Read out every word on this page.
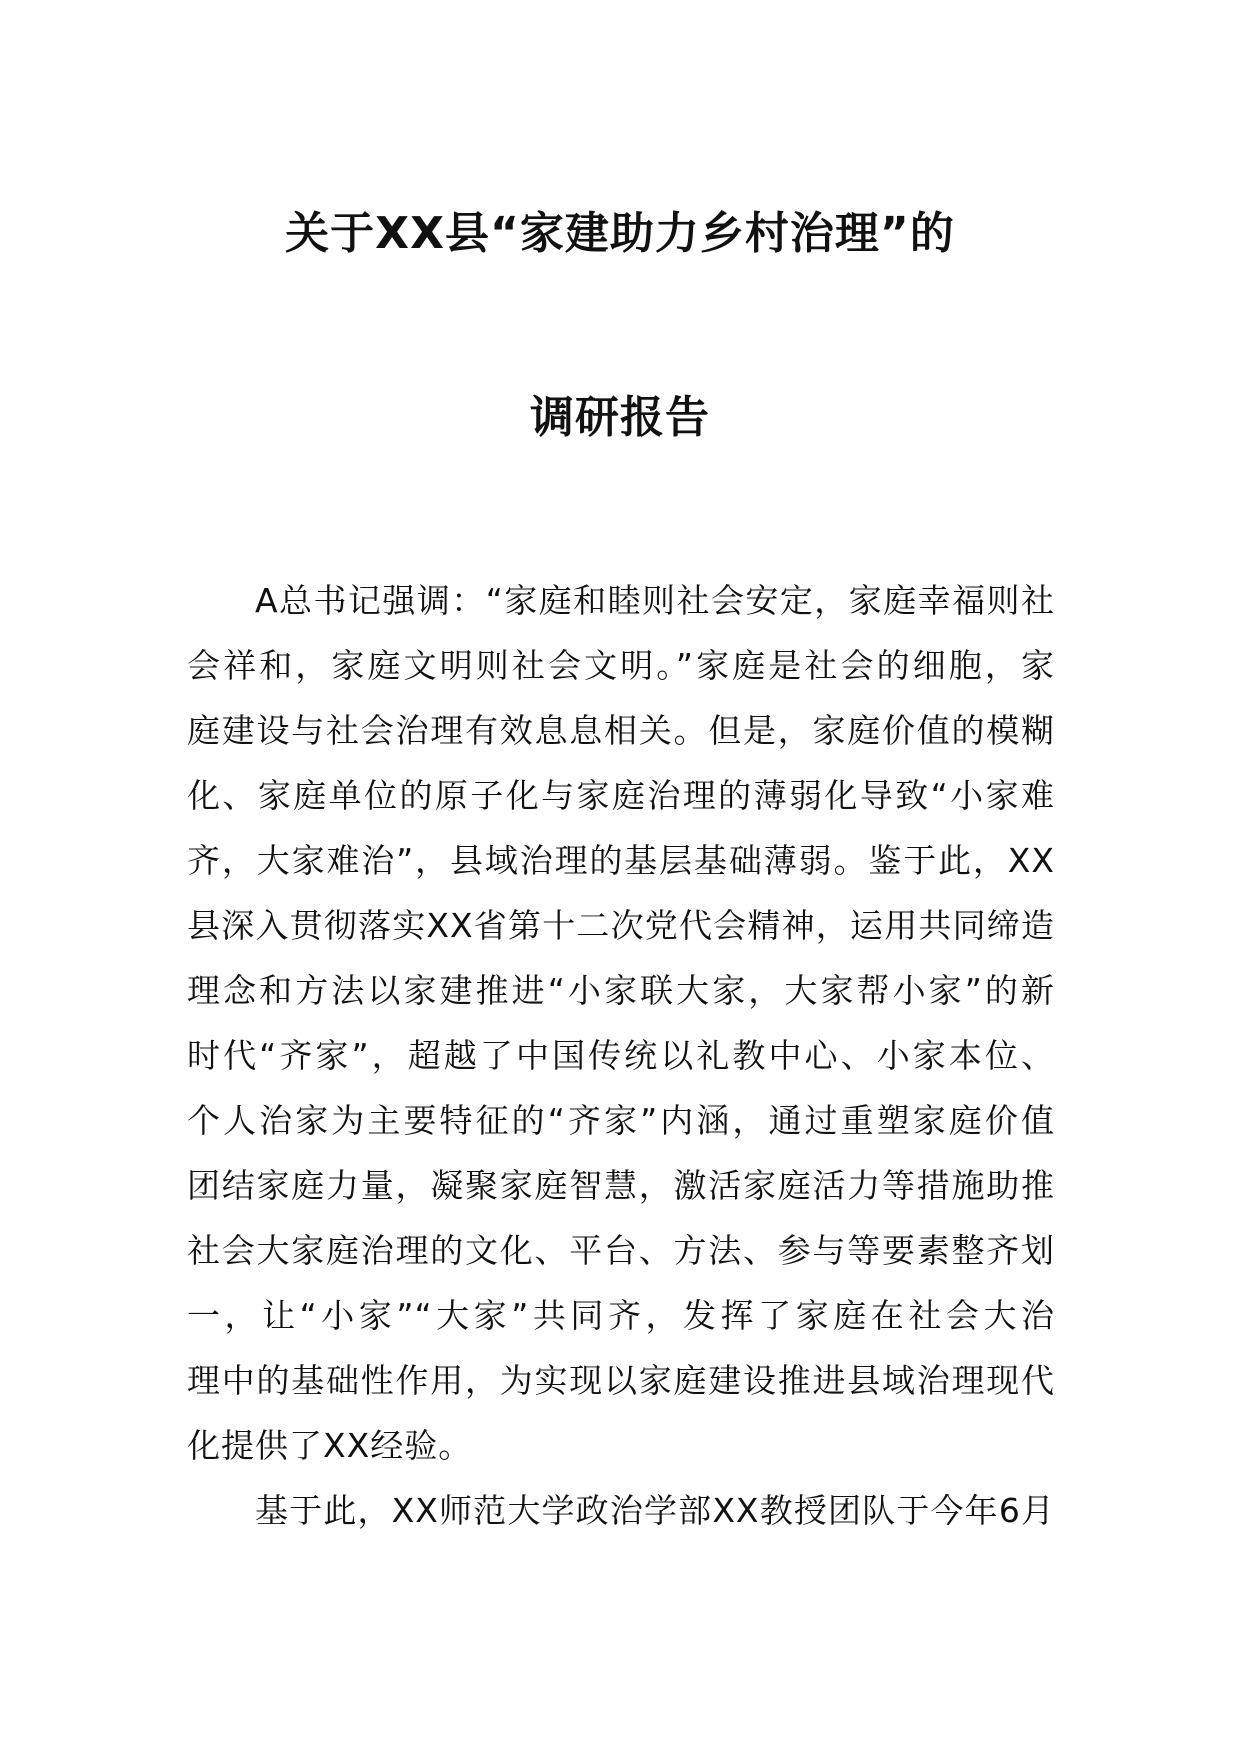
关于XX县“家建助力乡村治理”的
调研报告
A总书记强调：“家庭和睦则社会安定，家庭幸福则社
会祥和，家庭文明则社会文明。”家庭是社会的细胞，家
庭建设与社会治理有效息息相关。但是，家庭价值的模糊
化、家庭单位的原子化与家庭治理的薄弱化导致“小家难
齐，大家难治”，县域治理的基层基础薄弱。鉴于此，XX
县深入贯彻落实XX省第十二次党代会精神，运用共同缔造
理念和方法以家建推进“小家联大家，大家帮小家”的新
时代“齐家”，超越了中国传统以礼教中心、小家本位、
个人治家为主要特征的“齐家”内涵，通过重塑家庭价值
团结家庭力量，凝聚家庭智慧，激活家庭活力等措施助推
社会大家庭治理的文化、平台、方法、参与等要素整齐划
一，让“小家”“大家”共同齐，发挥了家庭在社会大治
理中的基础性作用，为实现以家庭建设推进县域治理现代
化提供了XX经验。
基于此，XX师范大学政治学部XX教授团队于今年6月
